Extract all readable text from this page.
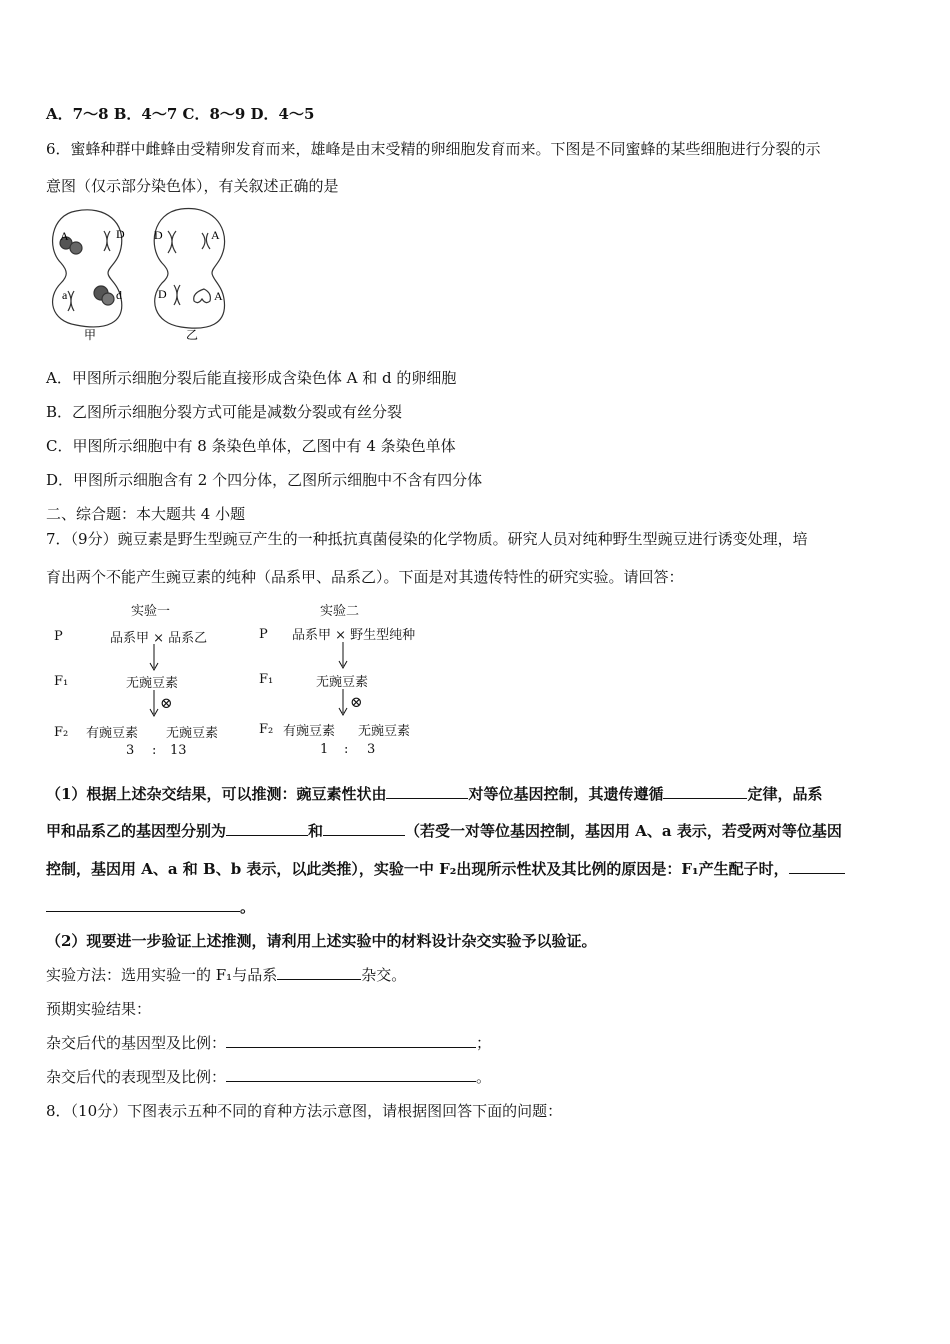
A．7～8 B．4～7 C．8～9 D．4～5
6．蜜蜂种群中雌蜂由受精卵发育而来，雄峰是由末受精的卵细胞发育而来。下图是不同蜜蜂的某些细胞进行分裂的示
意图（仅示部分染色体），有关叙述正确的是
A	D
a	d
甲
D	A
D	A
乙
A．甲图所示细胞分裂后能直接形成含染色体 A 和 d 的卵细胞
B．乙图所示细胞分裂方式可能是减数分裂或有丝分裂
C．甲图所示细胞中有 8 条染色单体，乙图中有 4 条染色单体
D．甲图所示细胞含有 2 个四分体，乙图所示细胞中不含有四分体
二、综合题：本大题共 4 小题
7．（9分）豌豆素是野生型豌豆产生的一种抵抗真菌侵染的化学物质。研究人员对纯种野生型豌豆进行诱变处理，培
育出两个不能产生豌豆素的纯种（品系甲、品系乙）。下面是对其遗传特性的研究实验。请回答：
实验一
P	品系甲 × 品系乙
F₁	无豌豆素
⊗
F₂ 有豌豆素 无豌豆素
3 : 13
实验二
P 品系甲 × 野生型纯种
F₁	无豌豆素
⊗
F₂ 有豌豆素 无豌豆素
1 : 3
（1）根据上述杂交结果，可以推测：豌豆素性状由	对等位基因控制，其遗传遵循	定律，品系
甲和品系乙的基因型分别为	和	（若受一对等位基因控制，基因用 A、a 表示，若受两对等位基因
控制，基因用 A、a 和 B、b 表示，以此类推），实验一中 F₂出现所示性状及其比例的原因是：F₁产生配子时，
。
（2）现要进一步验证上述推测，请利用上述实验中的材料设计杂交实验予以验证。
实验方法：选用实验一的 F₁与品系	杂交。
预期实验结果：
杂交后代的基因型及比例：	；
杂交后代的表现型及比例：	。
8．（10分）下图表示五种不同的育种方法示意图，请根据图回答下面的问题：
